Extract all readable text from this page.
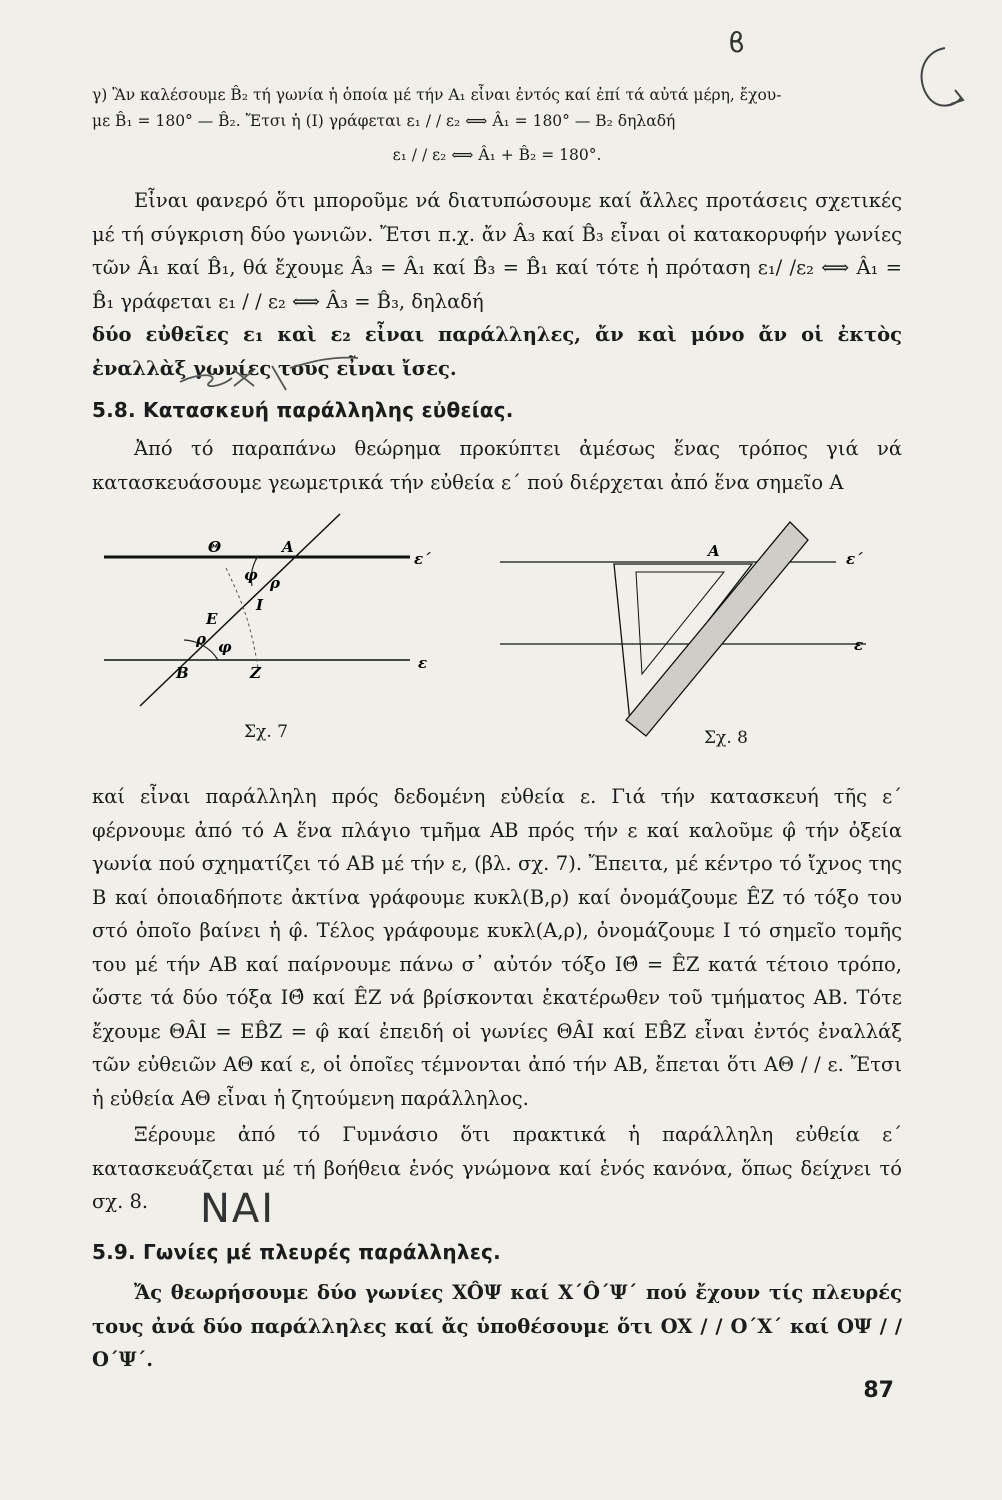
ϐ

γ) Ἂν καλέσουμε B̂₂ τή γωνία ἡ ὁποία μέ τήν A₁ εἶναι ἐντός καί ἐπί τά αὐτά μέρη, ἔχου-

με B̂₁ = 180° — B̂₂. Ἔτσι ἡ (I) γράφεται ε₁ / / ε₂ ⟺ Â₁ = 180° — B₂ δηλαδή

ε₁ / / ε₂ ⟺ Â₁ + B̂₂ = 180°.

Εἶναι φανερό ὅτι μποροῦμε νά διατυπώσουμε καί ἄλλες προτάσεις σχετικές μέ τή σύγκριση δύο γωνιῶν. Ἔτσι π.χ. ἄν Â₃ καί B̂₃ εἶναι οἱ κατακορυφήν γωνίες τῶν Â₁ καί B̂₁, θά ἔχουμε Â₃ = Â₁ καί B̂₃ = B̂₁ καί τότε ἡ πρόταση ε₁/ /ε₂ ⟺ Â₁ = B̂₁ γράφεται ε₁ / / ε₂ ⟺ Â₃ = B̂₃, δηλαδή

δύο εὐθεῖες ε₁ καὶ ε₂ εἶναι παράλληλες, ἄν καὶ μόνο ἄν οἱ ἐκτὸς ἐναλλὰξ γωνίες τους εἶναι ἴσες.

5.8. Κατασκευή παράλληλης εὐθείας.

Ἀπό τό παραπάνω θεώρημα προκύπτει ἀμέσως ἕνας τρόπος γιά νά κατασκευάσουμε γεωμετρικά τήν εὐθεία ε΄ πού διέρχεται ἀπό ἕνα σημεῖο A

Θ	A
φ ρ
I
E
ρ φ
B	Z
ε΄
ε
Σχ. 7
A	ε΄
ε
Σχ. 8

καί εἶναι παράλληλη πρός δεδομένη εὐθεία ε. Γιά τήν κατασκευή τῆς ε΄ φέρνουμε ἀπό τό A ἕνα πλάγιο τμῆμα AB πρός τήν ε καί καλοῦμε φ̂ τήν ὀξεία γωνία πού σχηματίζει τό AB μέ τήν ε, (βλ. σχ. 7). Ἔπειτα, μέ κέντρο τό ἴχνος της B καί ὁποιαδήποτε ἀκτίνα γράφουμε κυκλ(B,ρ) καί ὀνομάζουμε ÊZ τό τόξο του στό ὁποῖο βαίνει ἡ φ̂. Τέλος γράφουμε κυκλ(A,ρ), ὀνομάζουμε I τό σημεῖο τομῆς του μέ τήν AB καί παίρνουμε πάνω σ᾽ αὐτόν τόξο IΘ̂ = ÊZ κατά τέτοιο τρόπο, ὥστε τά δύο τόξα IΘ̂ καί ÊZ νά βρίσκονται ἑκατέρωθεν τοῦ τμήματος AB. Τότε ἔχουμε ΘÂI = EB̂Z = φ̂ καί ἐπειδή οἱ γωνίες ΘÂI καί EB̂Z εἶναι ἐντός ἐναλλάξ τῶν εὐθειῶν AΘ καί ε, οἱ ὁποῖες τέμνονται ἀπό τήν AB, ἔπεται ὅτι AΘ / / ε. Ἔτσι ἡ εὐθεία AΘ εἶναι ἡ ζητούμενη παράλληλος.

Ξέρουμε ἀπό τό Γυμνάσιο ὅτι πρακτικά ἡ παράλληλη εὐθεία ε΄ κατασκευάζεται μέ τή βοήθεια ἑνός γνώμονα καί ἑνός κανόνα, ὅπως δείχνει τό σχ. 8.	ΝΑΙ
5.9. Γωνίες μέ πλευρές παράλληλες.

Ἄς θεωρήσουμε δύο γωνίες XÔΨ καί X΄Ô΄Ψ΄ πού ἔχουν τίς πλευρές τους ἀνά δύο παράλληλες καί ἄς ὑποθέσουμε ὅτι OX / / O΄X΄ καί OΨ / / O΄Ψ΄.

87
